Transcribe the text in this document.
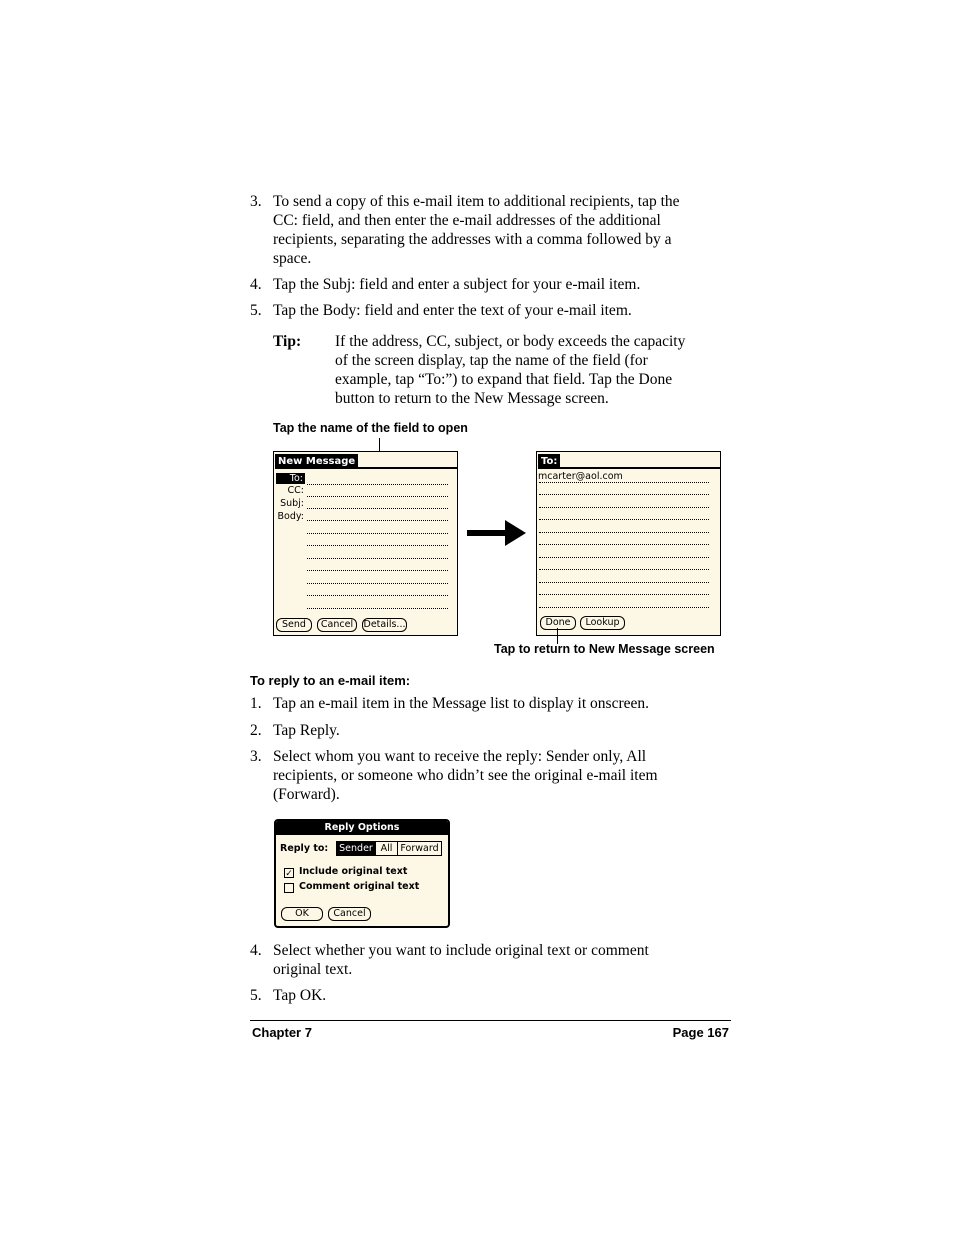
3. To send a copy of this e-mail item to additional recipients, tap the
CC: field, and then enter the e-mail addresses of the additional
recipients, separating the addresses with a comma followed by a
space.
4. Tap the Subj: field and enter a subject for your e-mail item.
5. Tap the Body: field and enter the text of your e-mail item.
Tip: If the address, CC, subject, or body exceeds the capacity
of the screen display, tap the name of the field (for
example, tap “To:”) to expand that field. Tap the Done
button to return to the New Message screen.
Tap the name of the field to open
New Message
To:
CC:
Subj:
Body:
Send	Cancel	Details...
To:
mcarter@aol.com
Done	Lookup
Tap to return to New Message screen
To reply to an e-mail item:
1. Tap an e-mail item in the Message list to display it onscreen.
2. Tap Reply.
3. Select whom you want to receive the reply: Sender only, All
recipients, or someone who didn’t see the original e-mail item
(Forward).
Reply Options
Reply to:	Sender All Forward
✓ Include original text
Comment original text
OK	Cancel
4. Select whether you want to include original text or comment
original text.
5. Tap OK.
Chapter 7	Page 167
